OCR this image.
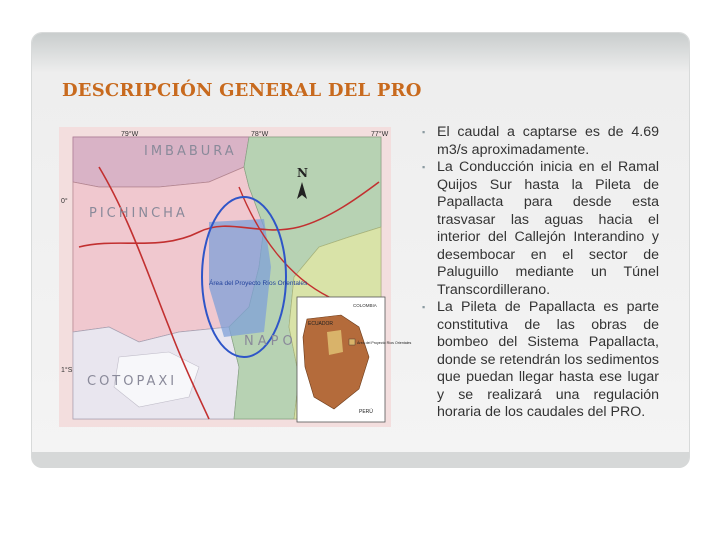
DESCRIPCIÓN GENERAL DEL PRO
79°W	78°W	77°W
0°
1°S
IMBABURA
PICHINCHA
NAPO
COTOPAXI
N
Área del Proyecto Ríos Orientales
COLOMBIA
ECUADOR
PERÚ
Área del Proyecto Ríos Orientales
▪ El caudal a captarse es de 4.69 m3/s aproximadamente.
▪ La Conducción inicia en el Ramal Quijos Sur hasta la Pileta de Papallacta para desde esta trasvasar las aguas hacia el interior del Callejón Interandino y desembocar en el sector de Paluguillo mediante un Túnel Transcordillerano.
▪ La Pileta de Papallacta es parte constitutiva de las obras de bombeo del Sistema Papallacta, donde se retendrán los sedimentos que puedan llegar hasta ese lugar y se realizará una regulación horaria de los caudales del PRO.
